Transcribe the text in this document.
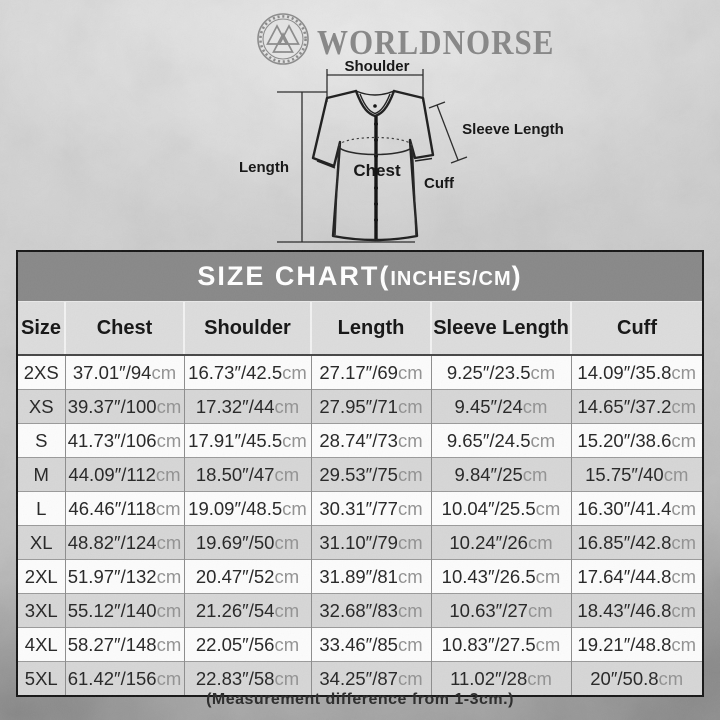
WORLDNORSE
Shoulder
Length
Sleeve Length
Chest
Cuff
SIZE CHART(INCHES/CM)
Size	Chest	Shoulder	Length	Sleeve Length	Cuff
2XS	37.01″/94cm	16.73″/42.5cm	27.17″/69cm	9.25″/23.5cm	14.09″/35.8cm
XS	39.37″/100cm	17.32″/44cm	27.95″/71cm	9.45″/24cm	14.65″/37.2cm
S	41.73″/106cm	17.91″/45.5cm	28.74″/73cm	9.65″/24.5cm	15.20″/38.6cm
M	44.09″/112cm	18.50″/47cm	29.53″/75cm	9.84″/25cm	15.75″/40cm
L	46.46″/118cm	19.09″/48.5cm	30.31″/77cm	10.04″/25.5cm	16.30″/41.4cm
XL	48.82″/124cm	19.69″/50cm	31.10″/79cm	10.24″/26cm	16.85″/42.8cm
2XL	51.97″/132cm	20.47″/52cm	31.89″/81cm	10.43″/26.5cm	17.64″/44.8cm
3XL	55.12″/140cm	21.26″/54cm	32.68″/83cm	10.63″/27cm	18.43″/46.8cm
4XL	58.27″/148cm	22.05″/56cm	33.46″/85cm	10.83″/27.5cm	19.21″/48.8cm
5XL	61.42″/156cm	22.83″/58cm	34.25″/87cm	11.02″/28cm	20″/50.8cm
(Measurement difference from 1-3cm.)
